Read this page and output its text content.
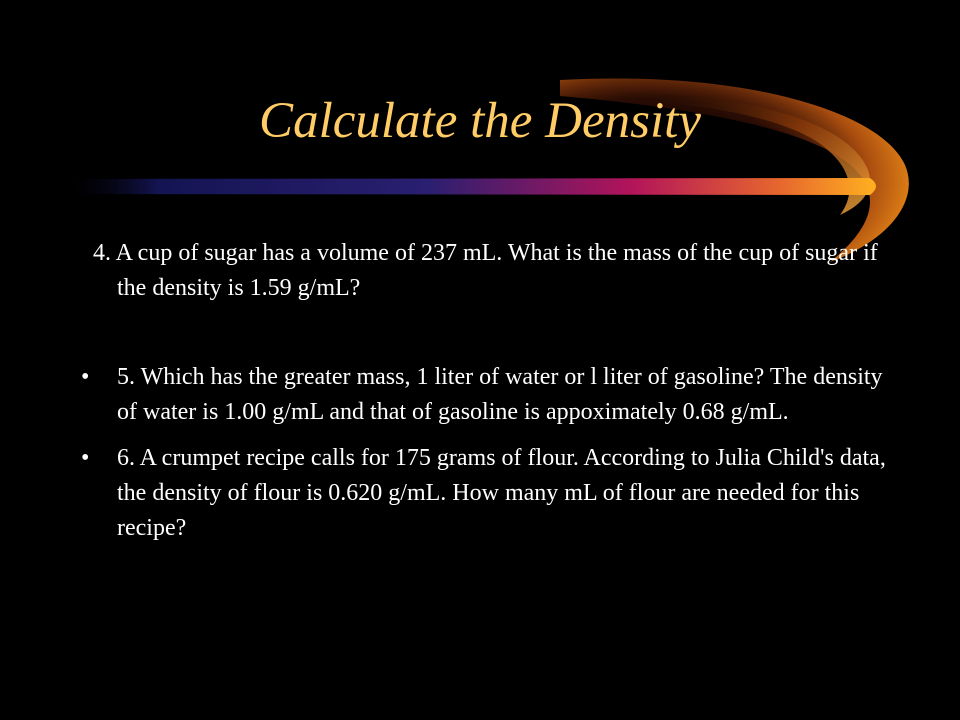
Calculate the Density
4. A cup of sugar has a volume of 237 mL. What is the mass of the cup of sugar if the density is 1.59 g/mL?
• 5. Which has the greater mass, 1 liter of water or l liter of gasoline? The density of water is 1.00 g/mL and that of gasoline is appoximately 0.68 g/mL.
• 6. A crumpet recipe calls for 175 grams of flour. According to Julia Child's data, the density of flour is 0.620 g/mL. How many mL of flour are needed for this recipe?
